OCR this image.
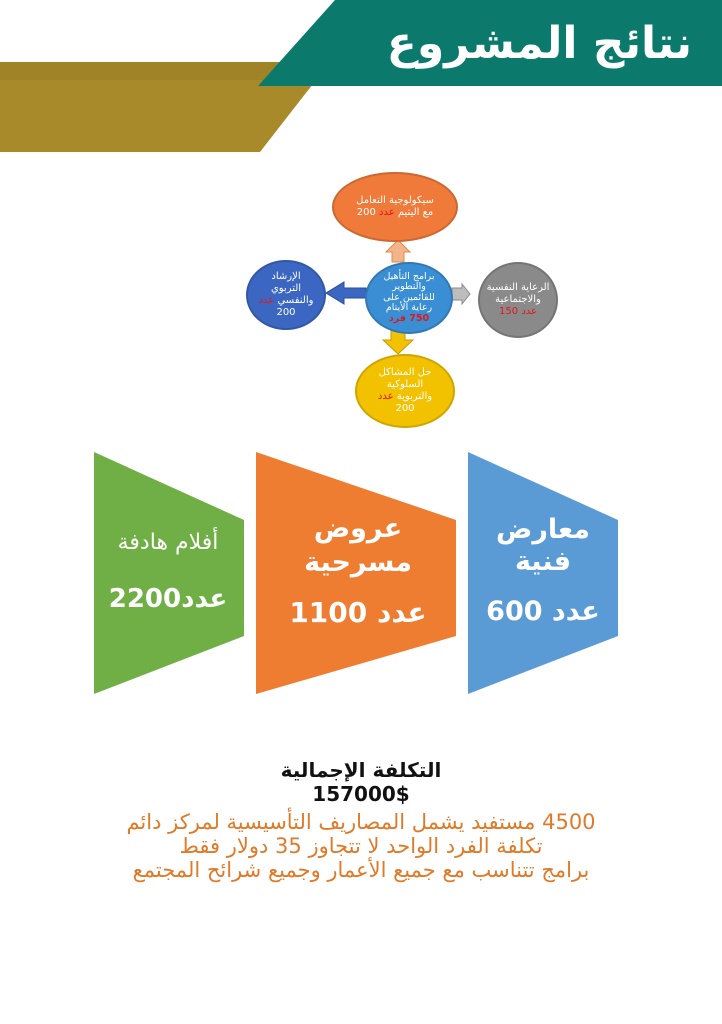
نتائج المشروع
سيكولوجية التعامل
مع اليتيم عدد 200
برامج التأهيل
والتطوير
للقائمين على
رعاية الأيتام
750 فرد
الإرشاد
التربوي
والنفسي عدد
200
الرعاية النفسية
والاجتماعية
عدد 150
حل المشاكل
السلوكية
والتربوية عدد
200
معارض
فنية
عدد 600
عروض
مسرحية
عدد 1100
أفلام هادفة
عدد2200
التكلفة الإجمالية
157000$
4500 مستفيد يشمل المصاريف التأسيسية لمركز دائم
تكلفة الفرد الواحد لا تتجاوز 35 دولار فقط
برامج تتناسب مع جميع الأعمار وجميع شرائح المجتمع
